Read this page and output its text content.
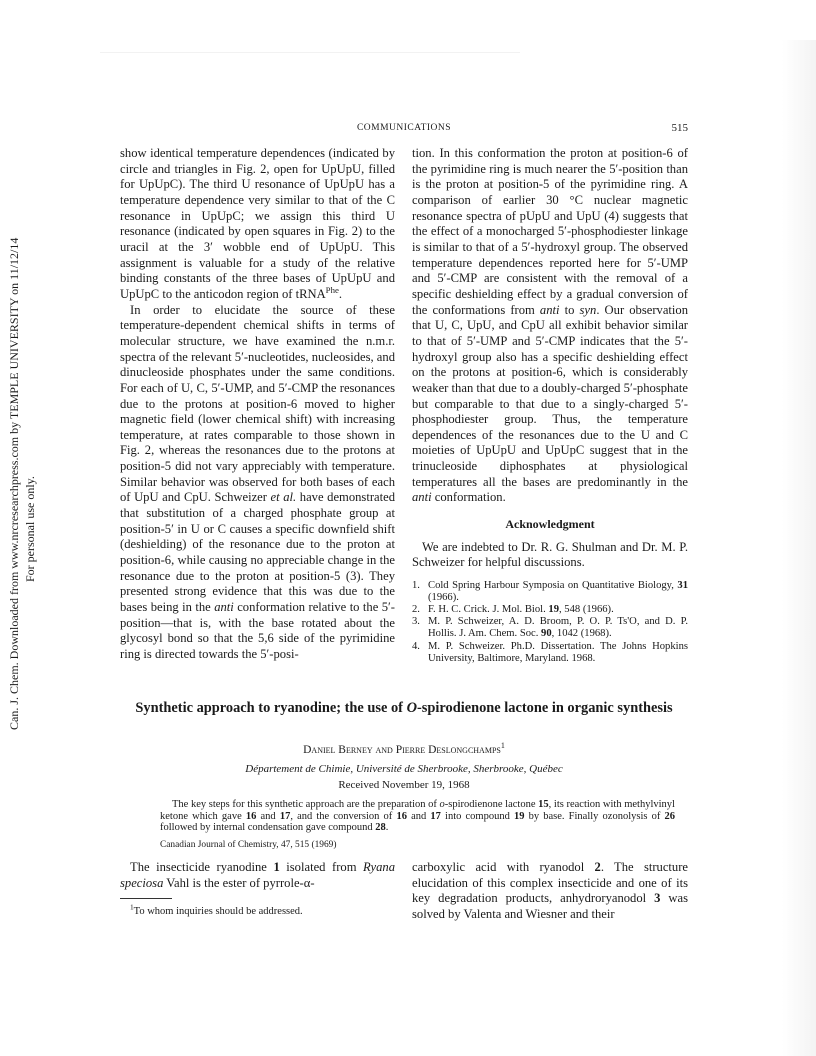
Can. J. Chem. Downloaded from www.nrcresearchpress.com by TEMPLE UNIVERSITY on 11/12/14 For personal use only.
COMMUNICATIONS	515

show identical temperature dependences (indicated by circle and triangles in Fig. 2, open for UpUpU, filled for UpUpC). The third U resonance of UpUpU has a temperature dependence very similar to that of the C resonance in UpUpC; we assign this third U resonance (indicated by open squares in Fig. 2) to the uracil at the 3′ wobble end of UpUpU. This assignment is valuable for a study of the relative binding constants of the three bases of UpUpU and UpUpC to the anticodon region of tRNA$^{Phe}$.

In order to elucidate the source of these temperature-dependent chemical shifts in terms of molecular structure, we have examined the n.m.r. spectra of the relevant 5′-nucleotides, nucleosides, and dinucleoside phosphates under the same conditions. For each of U, C, 5′-UMP, and 5′-CMP the resonances due to the protons at position-6 moved to higher magnetic field (lower chemical shift) with increasing temperature, at rates comparable to those shown in Fig. 2, whereas the resonances due to the protons at position-5 did not vary appreciably with temperature. Similar behavior was observed for both bases of each of UpU and CpU. Schweizer et al. have demonstrated that substitution of a charged phosphate group at position-5′ in U or C causes a specific downfield shift (deshielding) of the resonance due to the proton at position-6, while causing no appreciable change in the resonance due to the proton at position-5 (3). They presented strong evidence that this was due to the bases being in the anti conformation relative to the 5′-position—that is, with the base rotated about the glycosyl bond so that the 5,6 side of the pyrimidine ring is directed towards the 5′-posi-

tion. In this conformation the proton at position-6 of the pyrimidine ring is much nearer the 5′-position than is the proton at position-5 of the pyrimidine ring. A comparison of earlier 30 °C nuclear magnetic resonance spectra of pUpU and UpU (4) suggests that the effect of a monocharged 5′-phosphodiester linkage is similar to that of a 5′-hydroxyl group. The observed temperature dependences reported here for 5′-UMP and 5′-CMP are consistent with the removal of a specific deshielding effect by a gradual conversion of the conformations from anti to syn. Our observation that U, C, UpU, and CpU all exhibit behavior similar to that of 5′-UMP and 5′-CMP indicates that the 5′-hydroxyl group also has a specific deshielding effect on the protons at position-6, which is considerably weaker than that due to a doubly-charged 5′-phosphate but comparable to that due to a singly-charged 5′-phosphodiester group. Thus, the temperature dependences of the resonances due to the U and C moieties of UpUpU and UpUpC suggest that in the trinucleoside diphosphates at physiological temperatures all the bases are predominantly in the anti conformation.

Acknowledgment

We are indebted to Dr. R. G. Shulman and Dr. M. P. Schweizer for helpful discussions.

1. Cold Spring Harbour Symposia on Quantitative Biology, 31 (1966).
2. F. H. C. Crick. J. Mol. Biol. 19, 548 (1966).
3. M. P. Schweizer, A. D. Broom, P. O. P. Ts'O, and D. P. Hollis. J. Am. Chem. Soc. 90, 1042 (1968).
4. M. P. Schweizer. Ph.D. Dissertation. The Johns Hopkins University, Baltimore, Maryland. 1968.
Synthetic approach to ryanodine; the use of O-spirodienone lactone in organic synthesis
Daniel Berney and Pierre Deslongchamps$^1$
Département de Chimie, Université de Sherbrooke, Sherbrooke, Québec
Received November 19, 1968
The key steps for this synthetic approach are the preparation of o-spirodienone lactone 15, its reaction with methylvinyl ketone which gave 16 and 17, and the conversion of 16 and 17 into compound 19 by base. Finally ozonolysis of 26 followed by internal condensation gave compound 28.
Canadian Journal of Chemistry, 47, 515 (1969)

The insecticide ryanodine 1 isolated from Ryana speciosa Vahl is the ester of pyrrole-α-

carboxylic acid with ryanodol 2. The structure elucidation of this complex insecticide and one of its key degradation products, anhydroryanodol 3 was solved by Valenta and Wiesner and their

$^1$To whom inquiries should be addressed.
